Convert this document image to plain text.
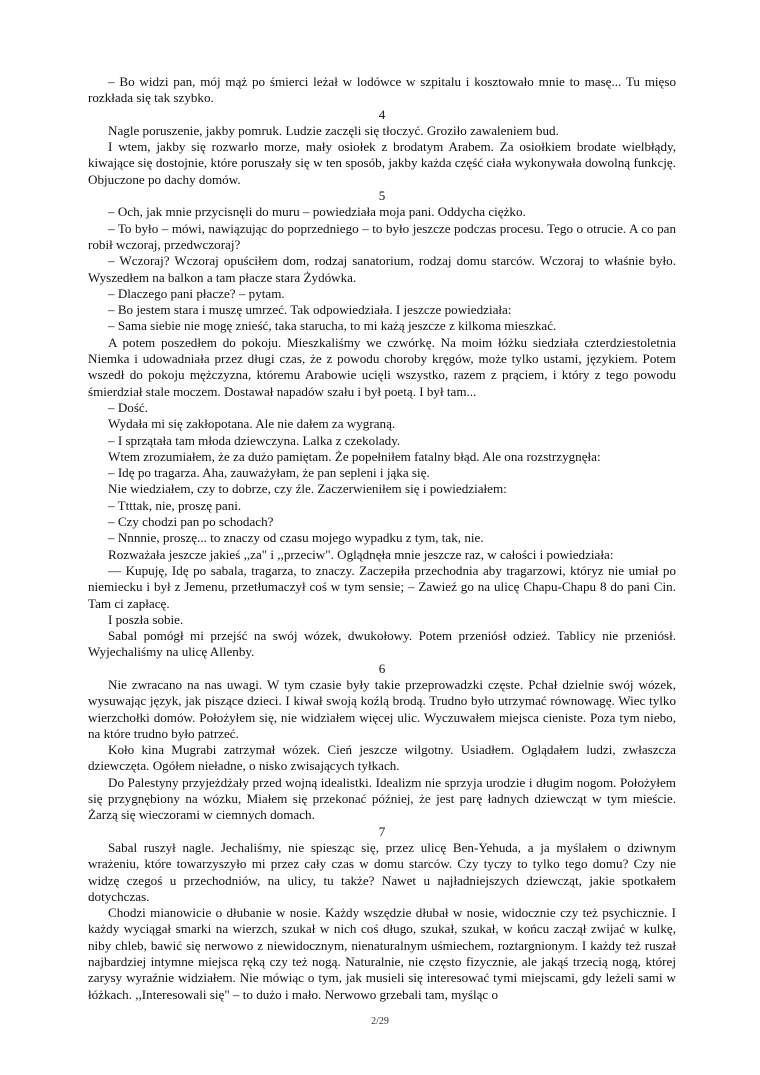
– Bo widzi pan, mój mąż po śmierci leżał w lodówce w szpitalu i kosztowało mnie to masę... Tu mięso rozkłada się tak szybko.

4

Nagle poruszenie, jakby pomruk. Ludzie zaczęli się tłoczyć. Groziło zawaleniem bud.

I wtem, jakby się rozwarło morze, mały osiołek z brodatym Arabem. Za osiołkiem brodate wielbłądy, kiwające się dostojnie, które poruszały się w ten sposób, jakby każda część ciała wykonywała dowolną funkcję. Objuczone po dachy domów.

5

– Och, jak mnie przycisnęli do muru – powiedziała moja pani. Oddycha ciężko.

– To było – mówi, nawiązując do poprzedniego – to było jeszcze podczas procesu. Tego o otrucie. A co pan robił wczoraj, przedwczoraj?

– Wczoraj? Wczoraj opuściłem dom, rodzaj sanatorium, rodzaj domu starców. Wczoraj to właśnie było. Wyszedłem na balkon a tam płacze stara Żydówka.

– Dlaczego pani płacze? – pytam.

– Bo jestem stara i muszę umrzeć. Tak odpowiedziała. I jeszcze powiedziała:

– Sama siebie nie mogę znieść, taka starucha, to mi każą jeszcze z kilkoma mieszkać.

A potem poszedłem do pokoju. Mieszkaliśmy we czwórkę. Na moim łóżku siedziała czterdziestoletnia Niemka i udowadniała przez długi czas, że z powodu choroby kręgów, może tylko ustami, językiem. Potem wszedł do pokoju mężczyzna, któremu Arabowie ucięli wszystko, razem z prąciem, i który z tego powodu śmierdział stale moczem. Dostawał napadów szału i był poetą. I był tam...

– Dość.

Wydała mi się zakłopotana. Ale nie dałem za wygraną.

– I sprzątała tam młoda dziewczyna. Lalka z czekolady.

Wtem zrozumiałem, że za dużo pamiętam. Że popełniłem fatalny błąd. Ale ona rozstrzygnęła:

– Idę po tragarza. Aha, zauważyłam, że pan sepleni i jąka się.

Nie wiedziałem, czy to dobrze, czy źle. Zaczerwieniłem się i powiedziałem:

– Ttttak, nie, proszę pani.

– Czy chodzi pan po schodach?

– Nnnnie, proszę... to znaczy od czasu mojego wypadku z tym, tak, nie.

Rozważała jeszcze jakieś ,,za" i ,,przeciw". Oglądnęła mnie jeszcze raz, w całości i powiedziała:

— Kupuję, Idę po sabala, tragarza, to znaczy. Zaczepiła przechodnia aby tragarzowi, któryz nie umiał po niemiecku i był z Jemenu, przetłumaczył coś w tym sensie; – Zawieź go na ulicę Chapu-Chapu 8 do pani Cin. Tam ci zapłacę.

I poszła sobie.

Sabal pomógł mi przejść na swój wózek, dwukołowy. Potem przeniósł odzież. Tablicy nie przeniósł. Wyjechaliśmy na ulicę Allenby.

6

Nie zwracano na nas uwagi. W tym czasie były takie przeprowadzki częste. Pchał dzielnie swój wózek, wysuwając język, jak piszące dzieci. I kiwał swoją koźlą brodą. Trudno było utrzymać równowagę. Wiec tylko wierzchołki domów. Położyłem się, nie widziałem więcej ulic. Wyczuwałem miejsca cieniste. Poza tym niebo, na które trudno było patrzeć.

Koło kina Mugrabi zatrzymał wózek. Cień jeszcze wilgotny. Usiadłem. Oglądałem ludzi, zwłaszcza dziewczęta. Ogółem nieładne, o nisko zwisających tyłkach.

Do Palestyny przyjeżdżały przed wojną idealistki. Idealizm nie sprzyja urodzie i długim nogom. Położyłem się przygnębiony na wózku, Miałem się przekonać później, że jest parę ładnych dziewcząt w tym mieście. Żarzą się wieczorami w ciemnych domach.

7

Sabal ruszył nagle. Jechaliśmy, nie spiesząc się, przez ulicę Ben-Yehuda, a ja myślałem o dziwnym wrażeniu, które towarzyszyło mi przez cały czas w domu starców. Czy tyczy to tylko tego domu? Czy nie widzę czegoś u przechodniów, na ulicy, tu także? Nawet u najładniejszych dziewcząt, jakie spotkałem dotychczas.

Chodzi mianowicie o dłubanie w nosie. Każdy wszędzie dłubał w nosie, widocznie czy też psychicznie. I każdy wyciągał smarki na wierzch, szukał w nich coś długo, szukał, szukał, w końcu zaczął zwijać w kulkę, niby chleb, bawić się nerwowo z niewidocznym, nienaturalnym uśmiechem, roztargnionym. I każdy też ruszał najbardziej intymne miejsca ręką czy też nogą. Naturalnie, nie często fizycznie, ale jakąś trzecią nogą, której zarysy wyraźnie widziałem. Nie mówiąc o tym, jak musieli się interesować tymi miejscami, gdy leżeli sami w łóżkach. ,,Interesowali się" – to dużo i mało. Nerwowo grzebali tam, myśląc o

2/29
